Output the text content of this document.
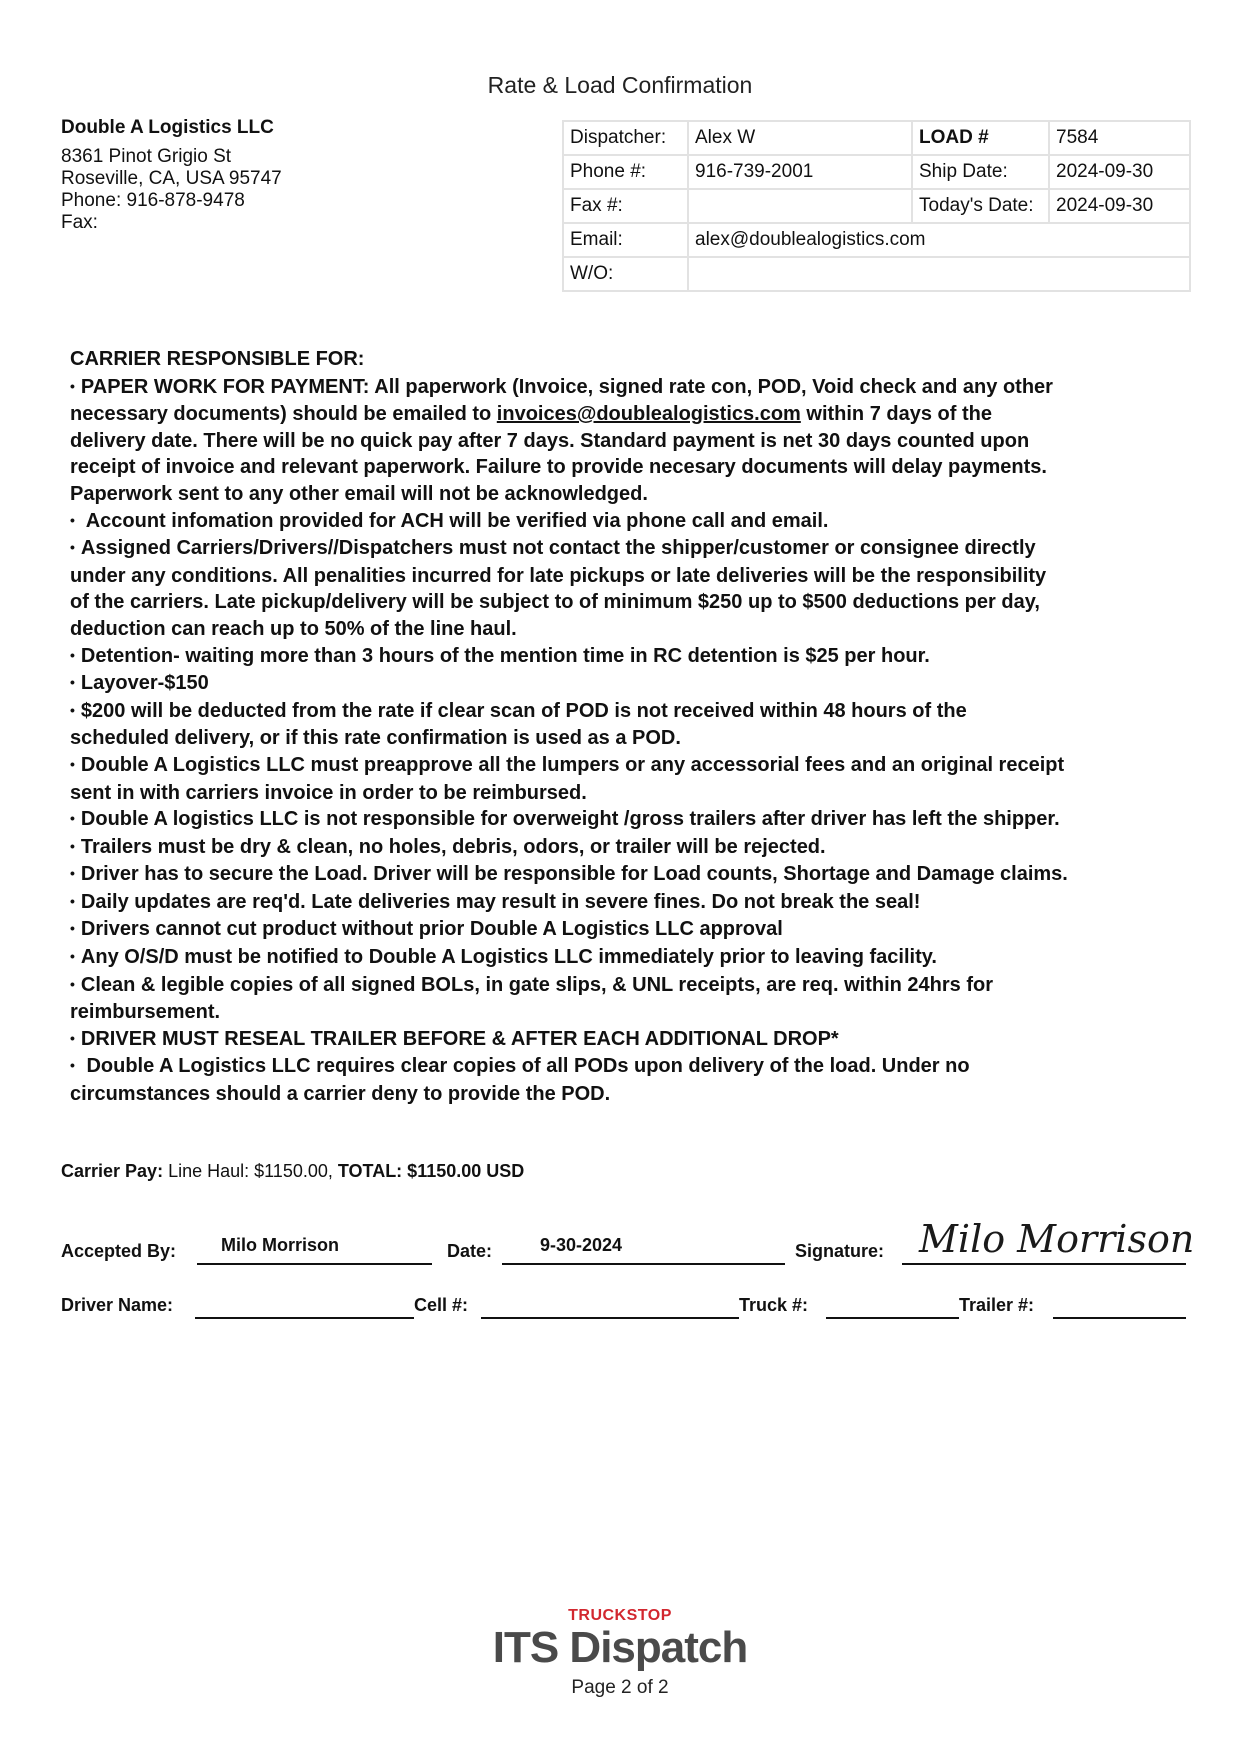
Rate & Load Confirmation
Double A Logistics LLC
8361 Pinot Grigio St
Roseville, CA, USA 95747
Phone: 916-878-9478
Fax:
Dispatcher:	Alex W	LOAD #	7584
Phone #:	916-739-2001	Ship Date:	2024-09-30
Fax #:		Today's Date:	2024-09-30
Email:	alex@doublealogistics.com		
W/O:			
CARRIER RESPONSIBLE FOR:
• PAPER WORK FOR PAYMENT: All paperwork (Invoice, signed rate con, POD, Void check and any other
necessary documents) should be emailed to invoices@doublealogistics.com within 7 days of the
delivery date. There will be no quick pay after 7 days. Standard payment is net 30 days counted upon
receipt of invoice and relevant paperwork. Failure to provide necesary documents will delay payments.
Paperwork sent to any other email will not be acknowledged.
• Account infomation provided for ACH will be verified via phone call and email.
• Assigned Carriers/Drivers//Dispatchers must not contact the shipper/customer or consignee directly
under any conditions. All penalities incurred for late pickups or late deliveries will be the responsibility
of the carriers. Late pickup/delivery will be subject to of minimum $250 up to $500 deductions per day,
deduction can reach up to 50% of the line haul.
• Detention- waiting more than 3 hours of the mention time in RC detention is $25 per hour.
• Layover-$150
• $200 will be deducted from the rate if clear scan of POD is not received within 48 hours of the
scheduled delivery, or if this rate confirmation is used as a POD.
• Double A Logistics LLC must preapprove all the lumpers or any accessorial fees and an original receipt
sent in with carriers invoice in order to be reimbursed.
• Double A logistics LLC is not responsible for overweight /gross trailers after driver has left the shipper.
• Trailers must be dry & clean, no holes, debris, odors, or trailer will be rejected.
• Driver has to secure the Load. Driver will be responsible for Load counts, Shortage and Damage claims.
• Daily updates are req'd. Late deliveries may result in severe fines. Do not break the seal!
• Drivers cannot cut product without prior Double A Logistics LLC approval
• Any O/S/D must be notified to Double A Logistics LLC immediately prior to leaving facility.
• Clean & legible copies of all signed BOLs, in gate slips, & UNL receipts, are req. within 24hrs for
reimbursement.
• DRIVER MUST RESEAL TRAILER BEFORE & AFTER EACH ADDITIONAL DROP*
• Double A Logistics LLC requires clear copies of all PODs upon delivery of the load. Under no
circumstances should a carrier deny to provide the POD.
Carrier Pay: Line Haul: $1150.00, TOTAL: $1150.00 USD
Accepted By: Milo Morrison	Date:	9-30-2024	Signature: Milo Morrison
Driver Name:	Cell #:	Truck #:	Trailer #:
TRUCKSTOP
ITS Dispatch
Page 2 of 2
